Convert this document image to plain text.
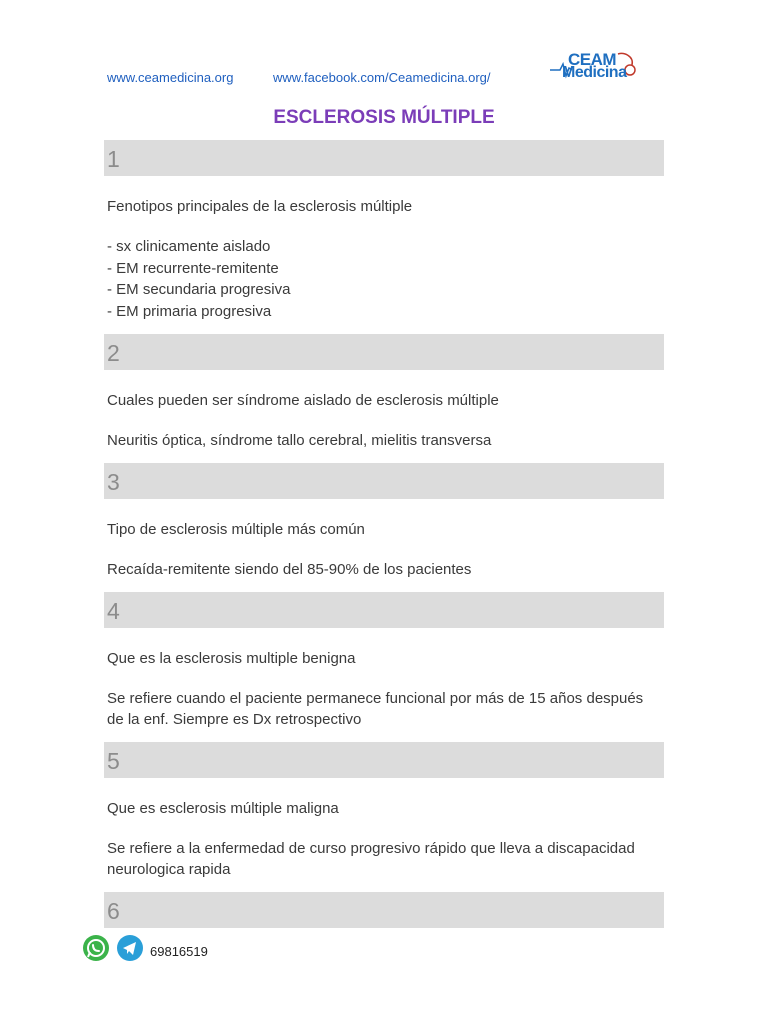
www.ceamedicina.org	www.facebook.com/Ceamedicina.org/
CEAM
Medicina
ESCLEROSIS MÚLTIPLE
1

Fenotipos principales de la esclerosis múltiple

- sx clinicamente aislado
- EM recurrente-remitente
- EM secundaria progresiva
- EM primaria progresiva
2

Cuales pueden ser síndrome aislado de esclerosis múltiple

Neuritis óptica, síndrome tallo cerebral, mielitis transversa

3

Tipo de esclerosis múltiple más común

Recaída-remitente siendo del 85-90% de los pacientes

4

Que es la esclerosis multiple benigna

Se refiere cuando el paciente permanece funcional por más de 15 años después de la enf. Siempre es Dx retrospectivo

5

Que es esclerosis múltiple maligna

Se refiere a la enfermedad de curso progresivo rápido que lleva a discapacidad neurologica rapida

6
69816519
